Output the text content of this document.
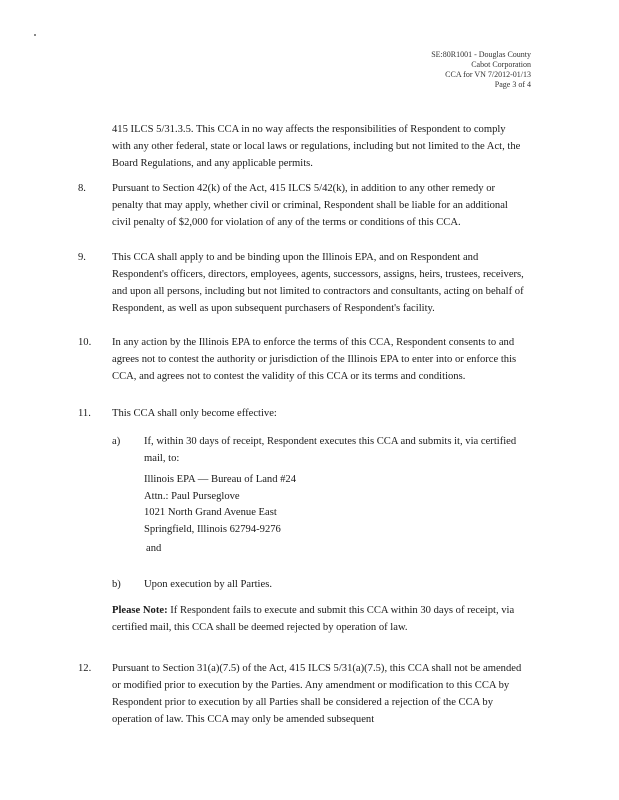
SE:80R1001 - Douglas County
Cabot Corporation
CCA for VN 7/2012-01/13
Page 3 of 4
415 ILCS 5/31.3.5. This CCA in no way affects the responsibilities of Respondent to comply with any other federal, state or local laws or regulations, including but not limited to the Act, the Board Regulations, and any applicable permits.
8. Pursuant to Section 42(k) of the Act, 415 ILCS 5/42(k), in addition to any other remedy or penalty that may apply, whether civil or criminal, Respondent shall be liable for an additional civil penalty of $2,000 for violation of any of the terms or conditions of this CCA.
9. This CCA shall apply to and be binding upon the Illinois EPA, and on Respondent and Respondent's officers, directors, employees, agents, successors, assigns, heirs, trustees, receivers, and upon all persons, including but not limited to contractors and consultants, acting on behalf of Respondent, as well as upon subsequent purchasers of Respondent's facility.
10. In any action by the Illinois EPA to enforce the terms of this CCA, Respondent consents to and agrees not to contest the authority or jurisdiction of the Illinois EPA to enter into or enforce this CCA, and agrees not to contest the validity of this CCA or its terms and conditions.
11. This CCA shall only become effective:
a) If, within 30 days of receipt, Respondent executes this CCA and submits it, via certified mail, to:
Illinois EPA — Bureau of Land #24
Attn.: Paul Purseglove
1021 North Grand Avenue East
Springfield, Illinois 62794-9276
and
b) Upon execution by all Parties.
Please Note: If Respondent fails to execute and submit this CCA within 30 days of receipt, via certified mail, this CCA shall be deemed rejected by operation of law.
12. Pursuant to Section 31(a)(7.5) of the Act, 415 ILCS 5/31(a)(7.5), this CCA shall not be amended or modified prior to execution by the Parties. Any amendment or modification to this CCA by Respondent prior to execution by all Parties shall be considered a rejection of the CCA by operation of law. This CCA may only be amended subsequent
